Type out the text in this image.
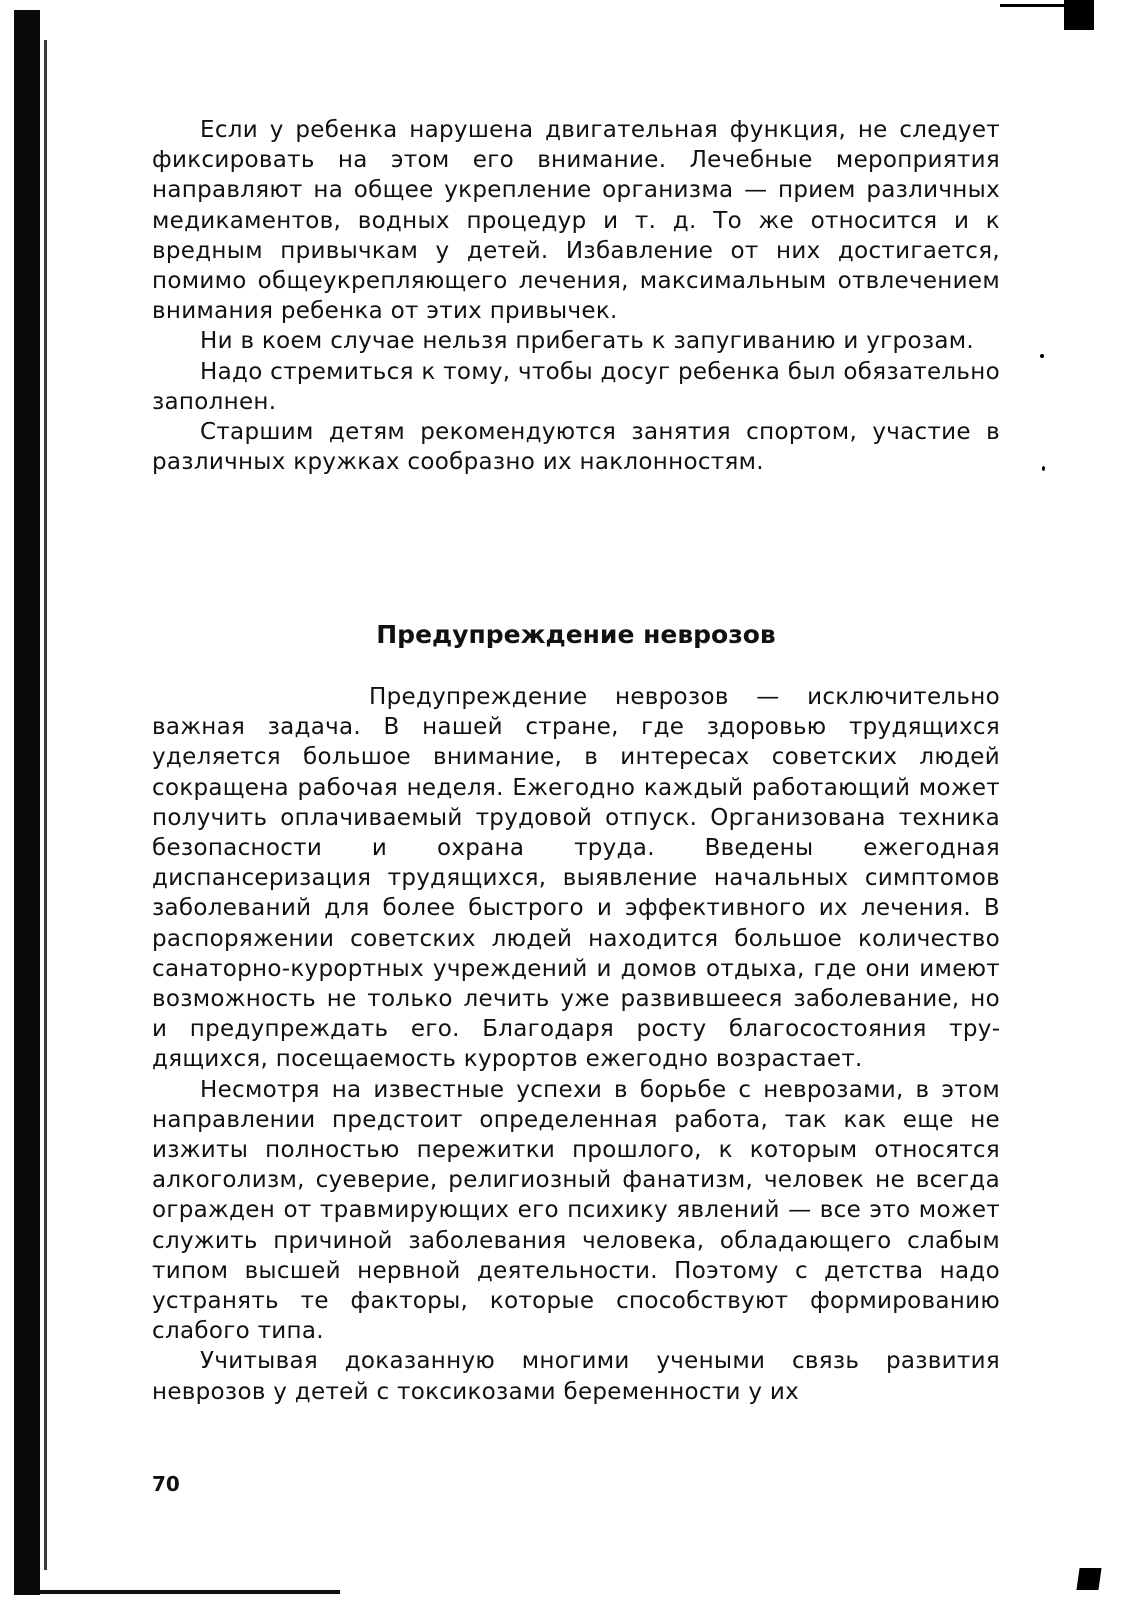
Если у ребенка нарушена двигательная функция, не следует фиксировать на этом его внимание. Лечебные мероприятия направляют на общее укрепление организма — прием различных медикаментов, водных процедур и т. д. То же относится и к вредным привычкам у детей. Избавление от них достигается, помимо общеукрепляющего лечения, максимальным отвлечением внимания ребенка от этих привычек.

Ни в коем случае нельзя прибегать к запугиванию и угрозам.

Надо стремиться к тому, чтобы досуг ребенка был обязательно заполнен.

Старшим детям рекомендуются занятия спортом, участие в различных кружках сообразно их наклонностям.

Предупреждение неврозов

Предупреждение неврозов — исключительно важная задача. В нашей стране, где здоровью трудящихся уделяется большое внимание, в интересах советских людей сокращена рабочая неделя. Ежегодно каждый работающий может получить оплачиваемый трудовой отпуск. Организована техника безопасности и охрана труда. Введены ежегодная диспансеризация трудящихся, выявление начальных симптомов заболеваний для более быстрого и эффективного их лечения. В распоряжении советских людей находится большое количество санаторно-курортных учреждений и домов отдыха, где они имеют возможность не только лечить уже развившееся заболевание, но и предупреждать его. Благодаря росту благосостояния трудящихся, посещаемость курортов ежегодно возрастает.

Несмотря на известные успехи в борьбе с неврозами, в этом направлении предстоит определенная работа, так как еще не изжиты полностью пережитки прошлого, к которым относятся алкоголизм, суеверие, религиозный фанатизм, человек не всегда огражден от травмирующих его психику явлений — все это может служить причиной заболевания человека, обладающего слабым типом высшей нервной деятельности. Поэтому с детства надо устранять те факторы, которые способствуют формированию слабого типа.

Учитывая доказанную многими учеными связь развития неврозов у детей с токсикозами беременности у их

70
